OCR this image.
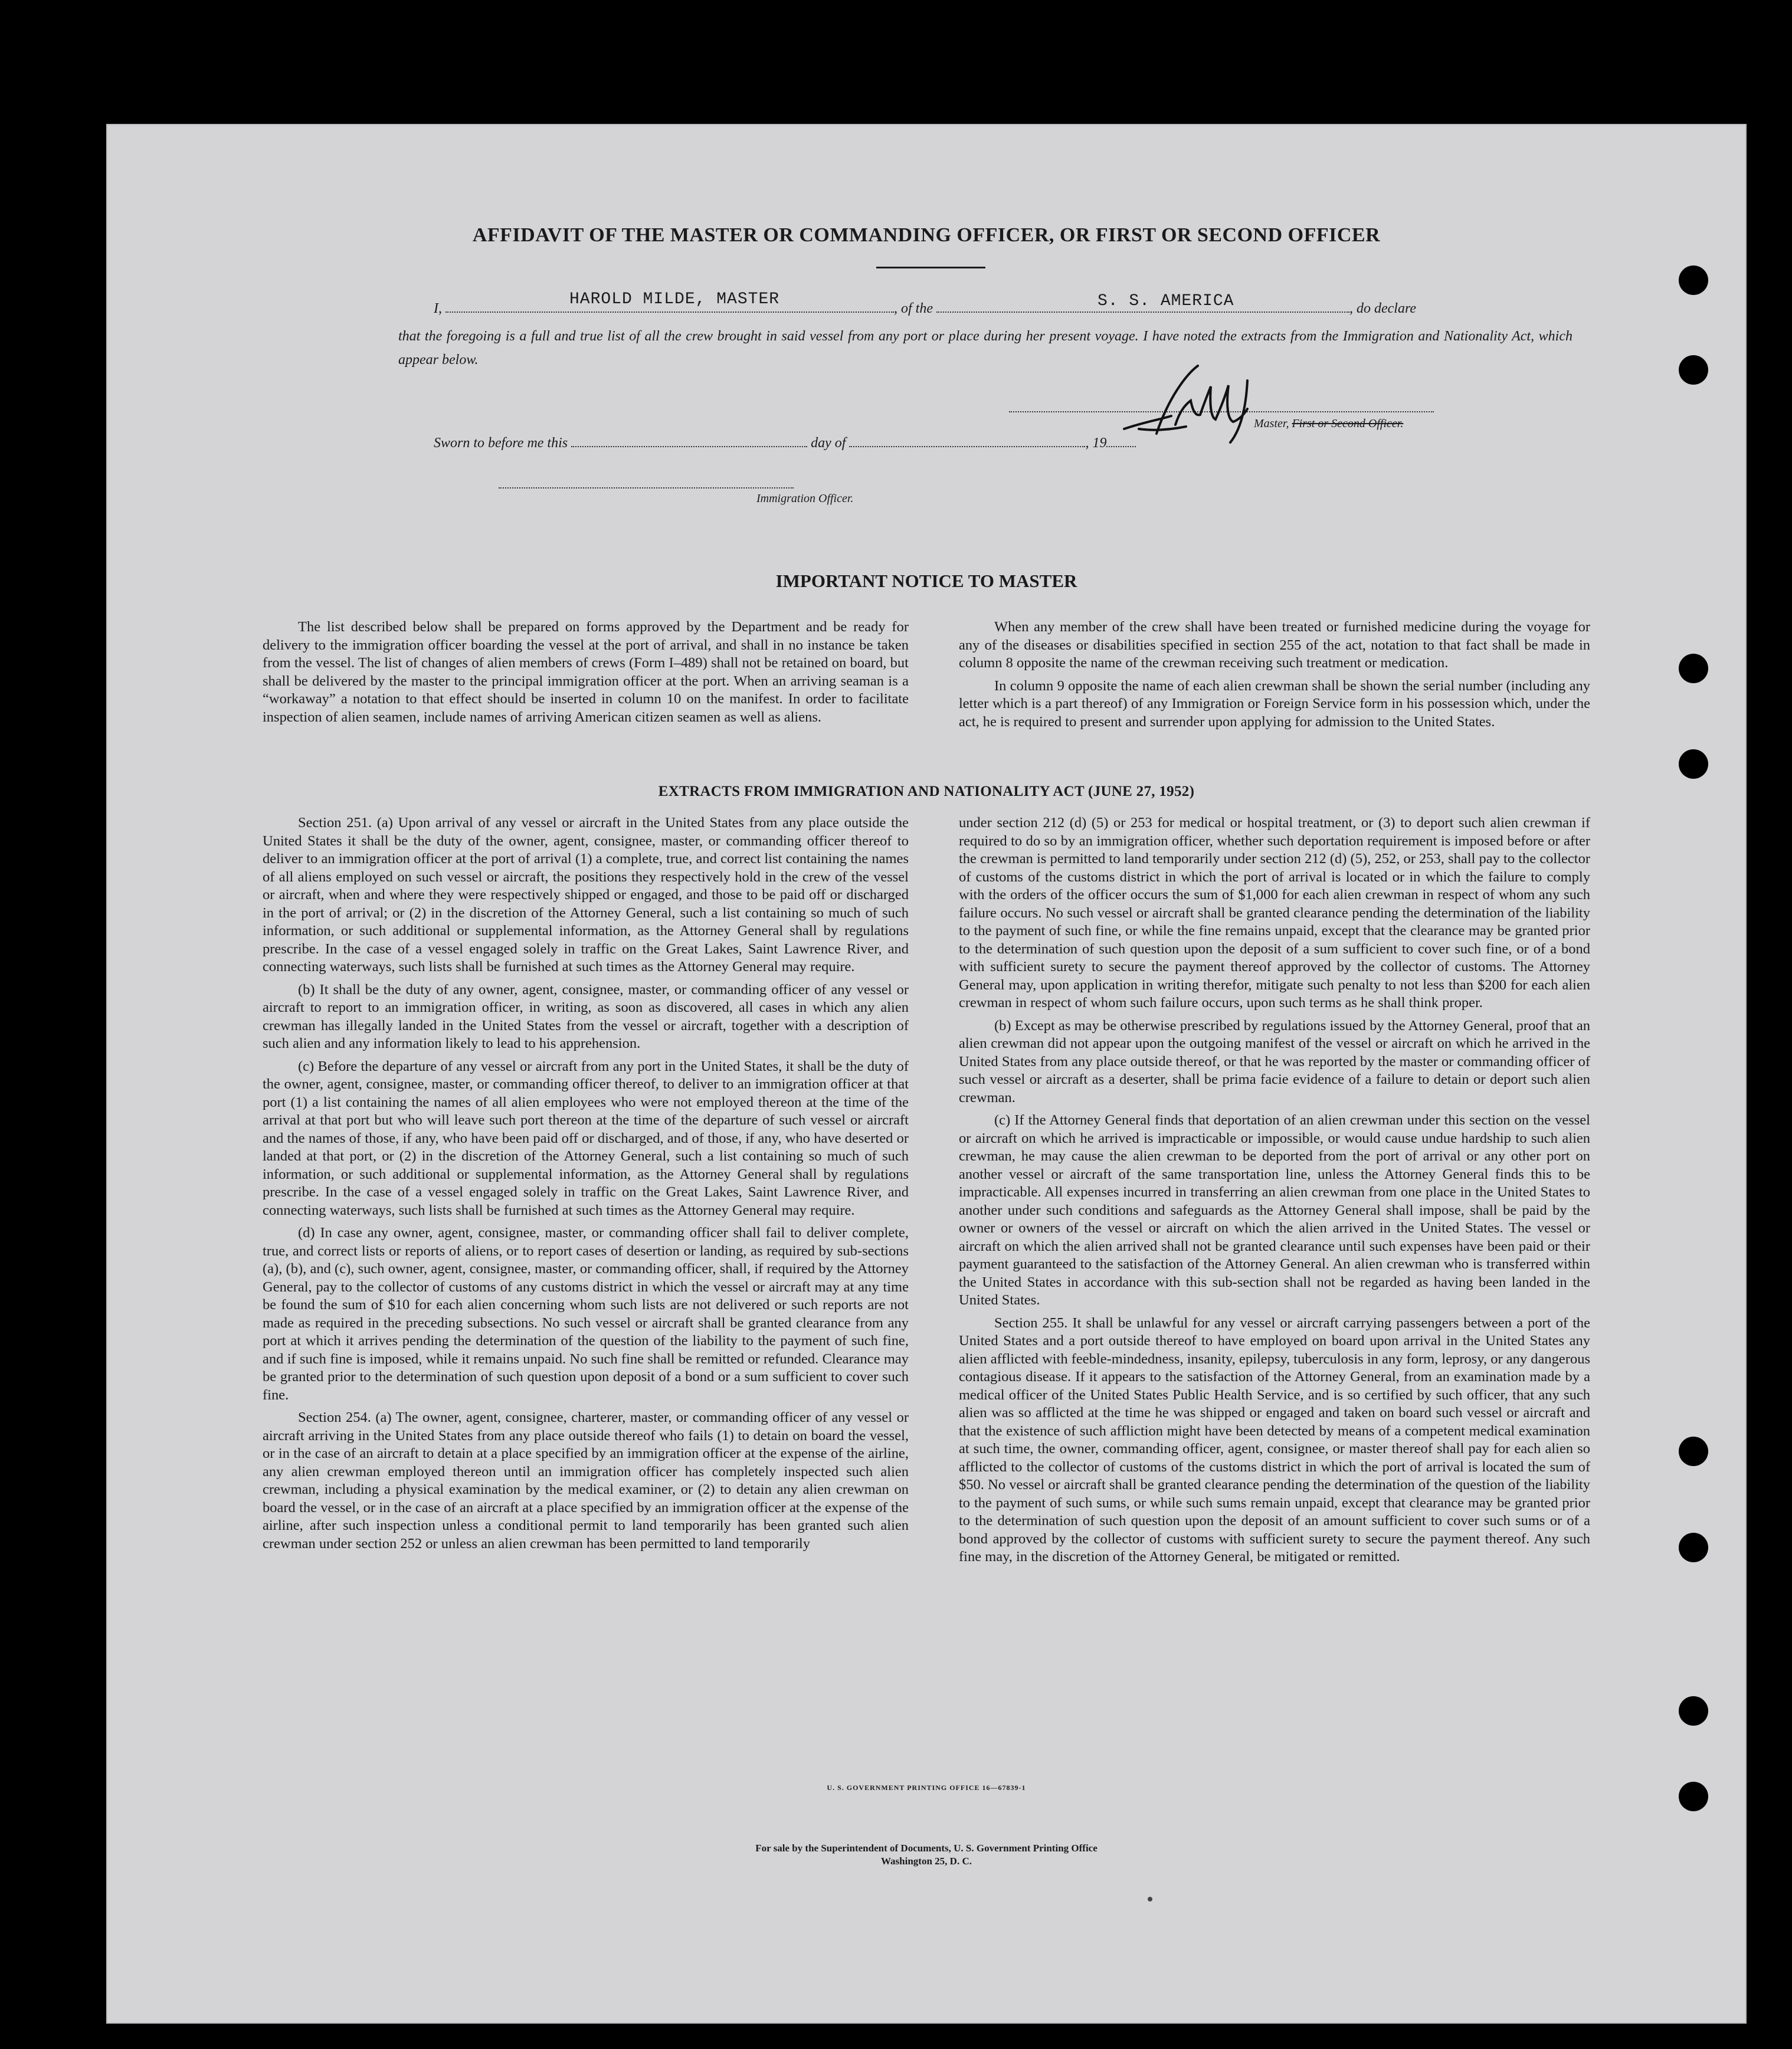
AFFIDAVIT OF THE MASTER OR COMMANDING OFFICER, OR FIRST OR SECOND OFFICER
I,	, of the	, do declare
HAROLD MILDE, MASTER	S. S. AMERICA
that the foregoing is a full and true list of all the crew brought in said vessel from any port or place during her present voyage. I have noted the extracts from the Immigration and Nationality Act, which appear below.
Master, First or Second Officer.
Sworn to before me this	day of	, 19
Immigration Officer.
IMPORTANT NOTICE TO MASTER

The list described below shall be prepared on forms approved by the Department and be ready for delivery to the immigration officer boarding the vessel at the port of arrival, and shall in no instance be taken from the vessel. The list of changes of alien members of crews (Form I–489) shall not be retained on board, but shall be delivered by the master to the principal immigration officer at the port. When an arriving seaman is a “workaway” a notation to that effect should be inserted in column 10 on the manifest. In order to facilitate inspection of alien seamen, include names of arriving American citizen seamen as well as aliens.

When any member of the crew shall have been treated or furnished medicine during the voyage for any of the diseases or disabilities specified in section 255 of the act, notation to that fact shall be made in column 8 opposite the name of the crewman receiving such treatment or medication.

In column 9 opposite the name of each alien crewman shall be shown the serial number (including any letter which is a part thereof) of any Immigration or Foreign Service form in his possession which, under the act, he is required to present and surrender upon applying for admission to the United States.

EXTRACTS FROM IMMIGRATION AND NATIONALITY ACT (JUNE 27, 1952)

Section 251. (a) Upon arrival of any vessel or aircraft in the United States from any place outside the United States it shall be the duty of the owner, agent, consignee, master, or commanding officer thereof to deliver to an immigration officer at the port of arrival (1) a complete, true, and correct list containing the names of all aliens employed on such vessel or aircraft, the positions they respectively hold in the crew of the vessel or aircraft, when and where they were respectively shipped or engaged, and those to be paid off or discharged in the port of arrival; or (2) in the discretion of the Attorney General, such a list containing so much of such information, or such additional or supplemental information, as the Attorney General shall by regulations prescribe. In the case of a vessel engaged solely in traffic on the Great Lakes, Saint Lawrence River, and connecting waterways, such lists shall be furnished at such times as the Attorney General may require.

(b) It shall be the duty of any owner, agent, consignee, master, or commanding officer of any vessel or aircraft to report to an immigration officer, in writing, as soon as discovered, all cases in which any alien crewman has illegally landed in the United States from the vessel or aircraft, together with a description of such alien and any information likely to lead to his apprehension.

(c) Before the departure of any vessel or aircraft from any port in the United States, it shall be the duty of the owner, agent, consignee, master, or commanding officer thereof, to deliver to an immigration officer at that port (1) a list containing the names of all alien employees who were not employed thereon at the time of the arrival at that port but who will leave such port thereon at the time of the departure of such vessel or aircraft and the names of those, if any, who have been paid off or discharged, and of those, if any, who have deserted or landed at that port, or (2) in the discretion of the Attorney General, such a list containing so much of such information, or such additional or supplemental information, as the Attorney General shall by regulations prescribe. In the case of a vessel engaged solely in traffic on the Great Lakes, Saint Lawrence River, and connecting waterways, such lists shall be furnished at such times as the Attorney General may require.

(d) In case any owner, agent, consignee, master, or commanding officer shall fail to deliver complete, true, and correct lists or reports of aliens, or to report cases of desertion or landing, as required by sub-sections (a), (b), and (c), such owner, agent, consignee, master, or commanding officer, shall, if required by the Attorney General, pay to the collector of customs of any customs district in which the vessel or aircraft may at any time be found the sum of $10 for each alien concerning whom such lists are not delivered or such reports are not made as required in the preceding subsections. No such vessel or aircraft shall be granted clearance from any port at which it arrives pending the determination of the question of the liability to the payment of such fine, and if such fine is imposed, while it remains unpaid. No such fine shall be remitted or refunded. Clearance may be granted prior to the determination of such question upon deposit of a bond or a sum sufficient to cover such fine.

Section 254. (a) The owner, agent, consignee, charterer, master, or commanding officer of any vessel or aircraft arriving in the United States from any place outside thereof who fails (1) to detain on board the vessel, or in the case of an aircraft to detain at a place specified by an immigration officer at the expense of the airline, any alien crewman employed thereon until an immigration officer has completely inspected such alien crewman, including a physical examination by the medical examiner, or (2) to detain any alien crewman on board the vessel, or in the case of an aircraft at a place specified by an immigration officer at the expense of the airline, after such inspection unless a conditional permit to land temporarily has been granted such alien crewman under section 252 or unless an alien crewman has been permitted to land temporarily

under section 212 (d) (5) or 253 for medical or hospital treatment, or (3) to deport such alien crewman if required to do so by an immigration officer, whether such deportation requirement is imposed before or after the crewman is permitted to land temporarily under section 212 (d) (5), 252, or 253, shall pay to the collector of customs of the customs district in which the port of arrival is located or in which the failure to comply with the orders of the officer occurs the sum of $1,000 for each alien crewman in respect of whom any such failure occurs. No such vessel or aircraft shall be granted clearance pending the determination of the liability to the payment of such fine, or while the fine remains unpaid, except that the clearance may be granted prior to the determination of such question upon the deposit of a sum sufficient to cover such fine, or of a bond with sufficient surety to secure the payment thereof approved by the collector of customs. The Attorney General may, upon application in writing therefor, mitigate such penalty to not less than $200 for each alien crewman in respect of whom such failure occurs, upon such terms as he shall think proper.

(b) Except as may be otherwise prescribed by regulations issued by the Attorney General, proof that an alien crewman did not appear upon the outgoing manifest of the vessel or aircraft on which he arrived in the United States from any place outside thereof, or that he was reported by the master or commanding officer of such vessel or aircraft as a deserter, shall be prima facie evidence of a failure to detain or deport such alien crewman.

(c) If the Attorney General finds that deportation of an alien crewman under this section on the vessel or aircraft on which he arrived is impracticable or impossible, or would cause undue hardship to such alien crewman, he may cause the alien crewman to be deported from the port of arrival or any other port on another vessel or aircraft of the same transportation line, unless the Attorney General finds this to be impracticable. All expenses incurred in transferring an alien crewman from one place in the United States to another under such conditions and safeguards as the Attorney General shall impose, shall be paid by the owner or owners of the vessel or aircraft on which the alien arrived in the United States. The vessel or aircraft on which the alien arrived shall not be granted clearance until such expenses have been paid or their payment guaranteed to the satisfaction of the Attorney General. An alien crewman who is transferred within the United States in accordance with this sub-section shall not be regarded as having been landed in the United States.

Section 255. It shall be unlawful for any vessel or aircraft carrying passengers between a port of the United States and a port outside thereof to have employed on board upon arrival in the United States any alien afflicted with feeble-mindedness, insanity, epilepsy, tuberculosis in any form, leprosy, or any dangerous contagious disease. If it appears to the satisfaction of the Attorney General, from an examination made by a medical officer of the United States Public Health Service, and is so certified by such officer, that any such alien was so afflicted at the time he was shipped or engaged and taken on board such vessel or aircraft and that the existence of such affliction might have been detected by means of a competent medical examination at such time, the owner, commanding officer, agent, consignee, or master thereof shall pay for each alien so afflicted to the collector of customs of the customs district in which the port of arrival is located the sum of $50. No vessel or aircraft shall be granted clearance pending the determination of the question of the liability to the payment of such sums, or while such sums remain unpaid, except that clearance may be granted prior to the determination of such question upon the deposit of an amount sufficient to cover such sums or of a bond approved by the collector of customs with sufficient surety to secure the payment thereof. Any such fine may, in the discretion of the Attorney General, be mitigated or remitted.

U. S. GOVERNMENT PRINTING OFFICE 16—67839-1
For sale by the Superintendent of Documents, U. S. Government Printing Office
Washington 25, D. C.
